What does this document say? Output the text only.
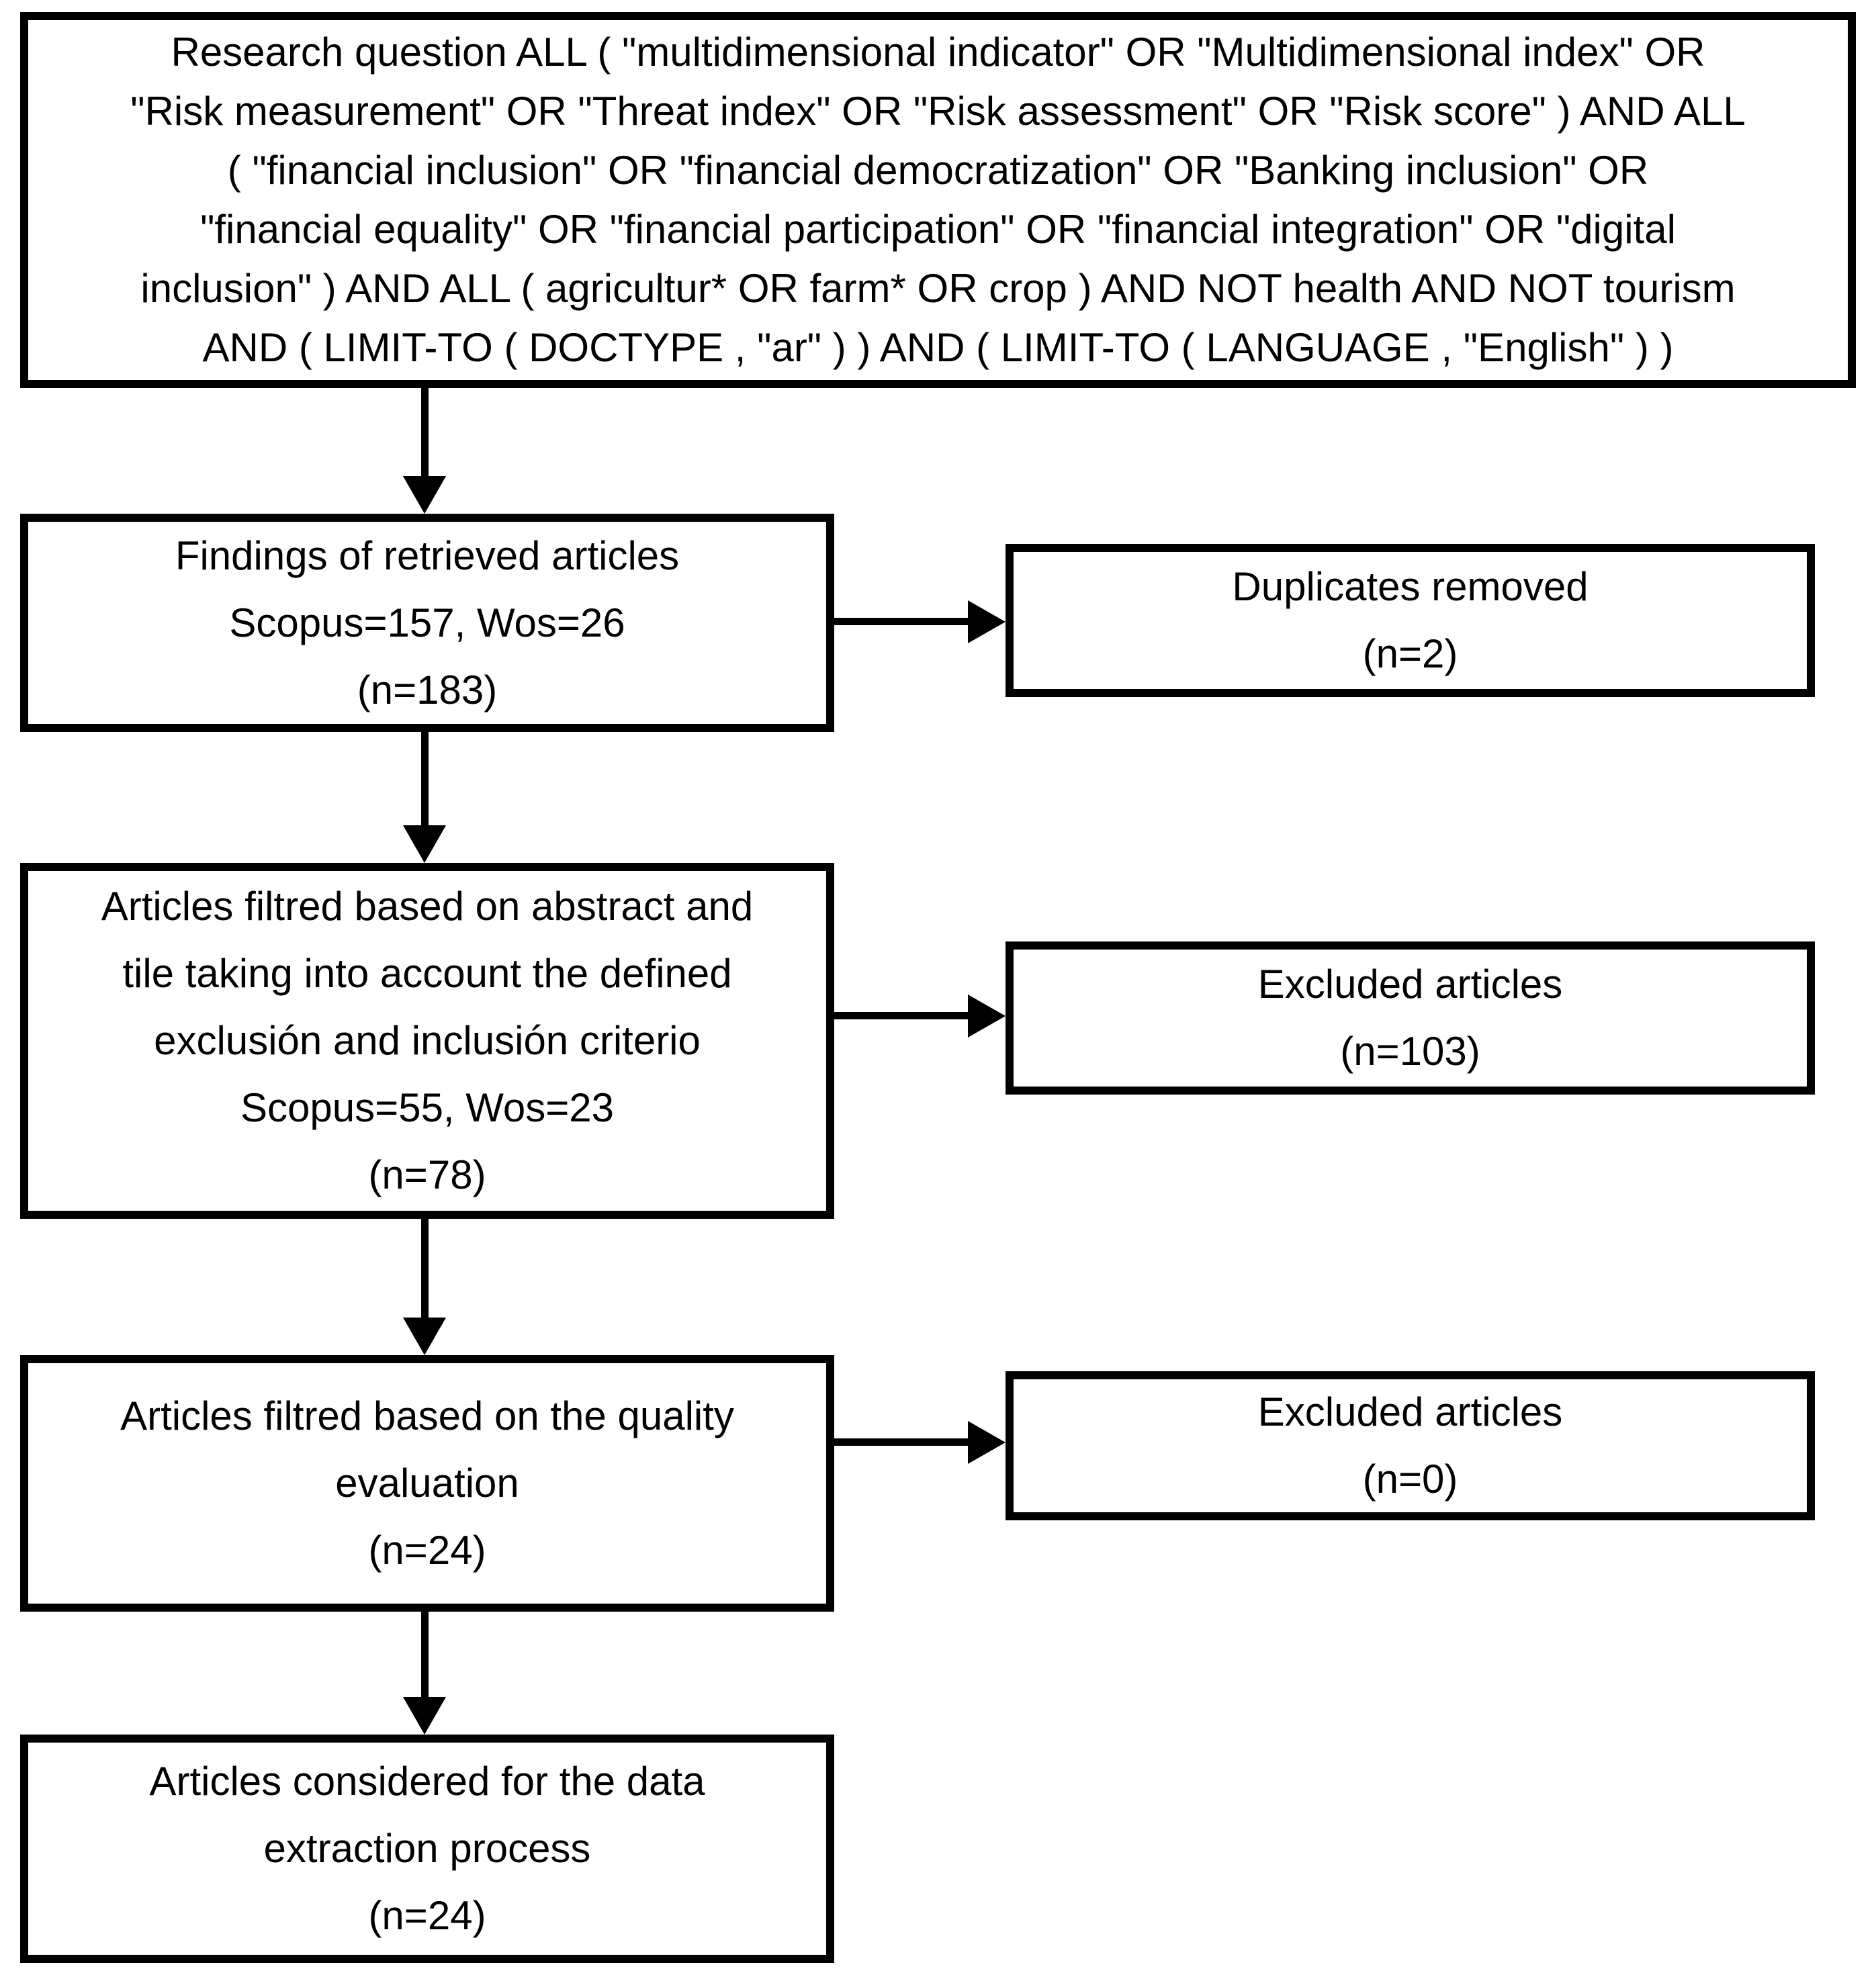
Research question ALL ( "multidimensional indicator" OR "Multidimensional index" OR
"Risk measurement" OR "Threat index" OR "Risk assessment" OR "Risk score" ) AND ALL
( "financial inclusion" OR "financial democratization" OR "Banking inclusion" OR
"financial equality" OR "financial participation" OR "financial integration" OR "digital
inclusion" ) AND ALL ( agricultur* OR farm* OR crop ) AND NOT health AND NOT tourism
AND ( LIMIT-TO ( DOCTYPE , "ar" ) ) AND ( LIMIT-TO ( LANGUAGE , "English" ) )
Findings of retrieved articles
Scopus=157, Wos=26
(n=183)
Articles filtred based on abstract and
tile taking into account the defined
exclusión and inclusión criterio
Scopus=55, Wos=23
(n=78)
Articles filtred based on the quality
evaluation
(n=24)
Articles considered for the data
extraction process
(n=24)
Duplicates removed
(n=2)
Excluded articles
(n=103)
Excluded articles
(n=0)
